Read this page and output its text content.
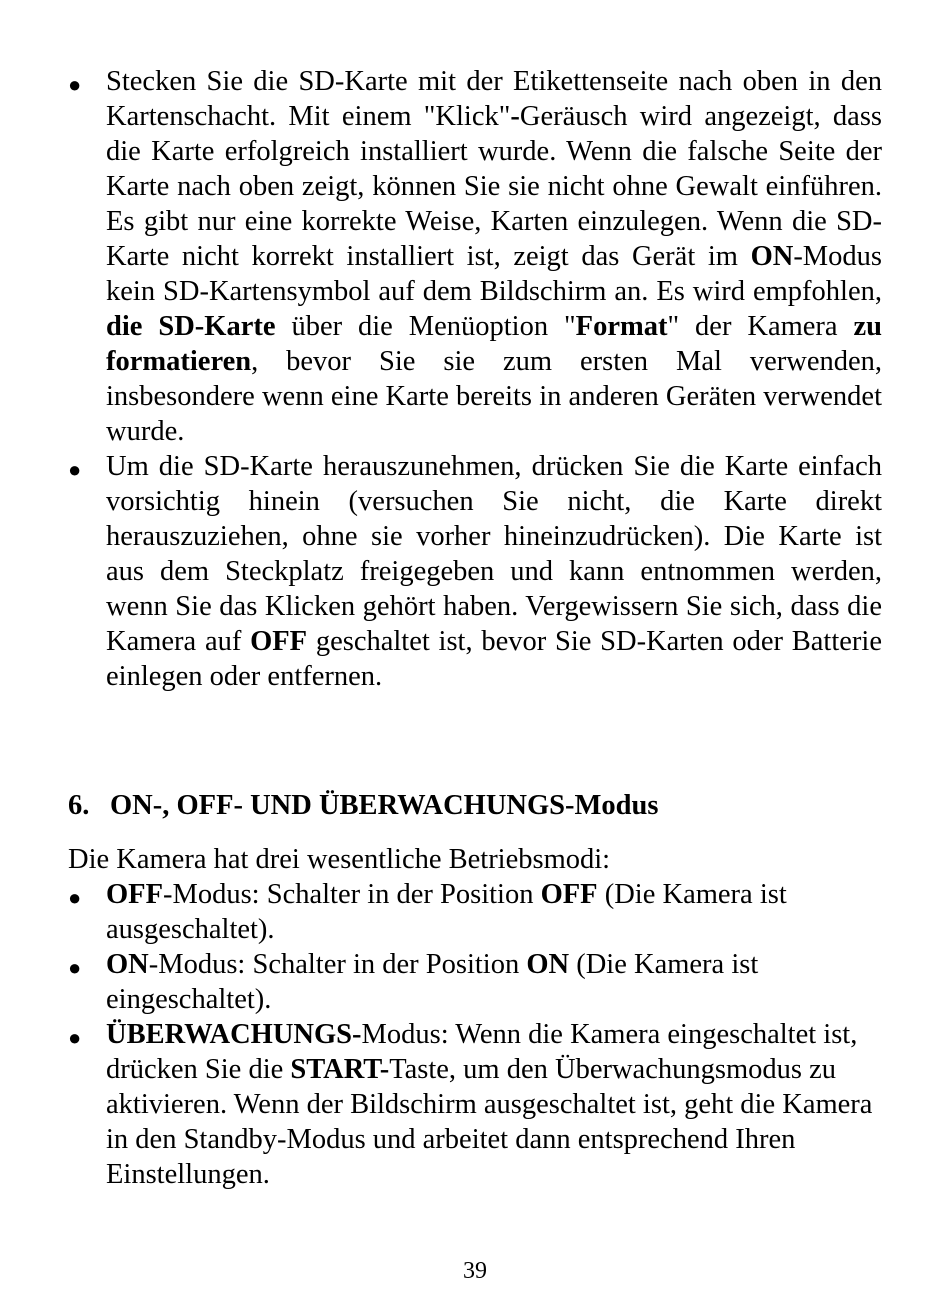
● Stecken Sie die SD-Karte mit der Etikettenseite nach oben in den Kartenschacht. Mit einem "Klick"-Geräusch wird angezeigt, dass die Karte erfolgreich installiert wurde. Wenn die falsche Seite der Karte nach oben zeigt, können Sie sie nicht ohne Gewalt einführen. Es gibt nur eine korrekte Weise, Karten einzulegen. Wenn die SD-Karte nicht korrekt installiert ist, zeigt das Gerät im ON-Modus kein SD-Kartensymbol auf dem Bildschirm an. Es wird empfohlen, die SD-Karte über die Menüoption "Format" der Kamera zu formatieren, bevor Sie sie zum ersten Mal verwenden, insbesondere wenn eine Karte bereits in anderen Geräten verwendet wurde.

● Um die SD-Karte herauszunehmen, drücken Sie die Karte einfach vorsichtig hinein (versuchen Sie nicht, die Karte direkt herauszuziehen, ohne sie vorher hineinzudrücken). Die Karte ist aus dem Steckplatz freigegeben und kann entnommen werden, wenn Sie das Klicken gehört haben. Vergewissern Sie sich, dass die Kamera auf OFF geschaltet ist, bevor Sie SD-Karten oder Batterie einlegen oder entfernen.

6. ON-, OFF- UND ÜBERWACHUNGS-Modus

Die Kamera hat drei wesentliche Betriebsmodi:

● OFF-Modus: Schalter in der Position OFF (Die Kamera ist ausgeschaltet).

● ON-Modus: Schalter in der Position ON (Die Kamera ist eingeschaltet).

● ÜBERWACHUNGS-Modus: Wenn die Kamera eingeschaltet ist, drücken Sie die START-Taste, um den Überwachungsmodus zu aktivieren. Wenn der Bildschirm ausgeschaltet ist, geht die Kamera in den Standby-Modus und arbeitet dann entsprechend Ihren Einstellungen.

39
